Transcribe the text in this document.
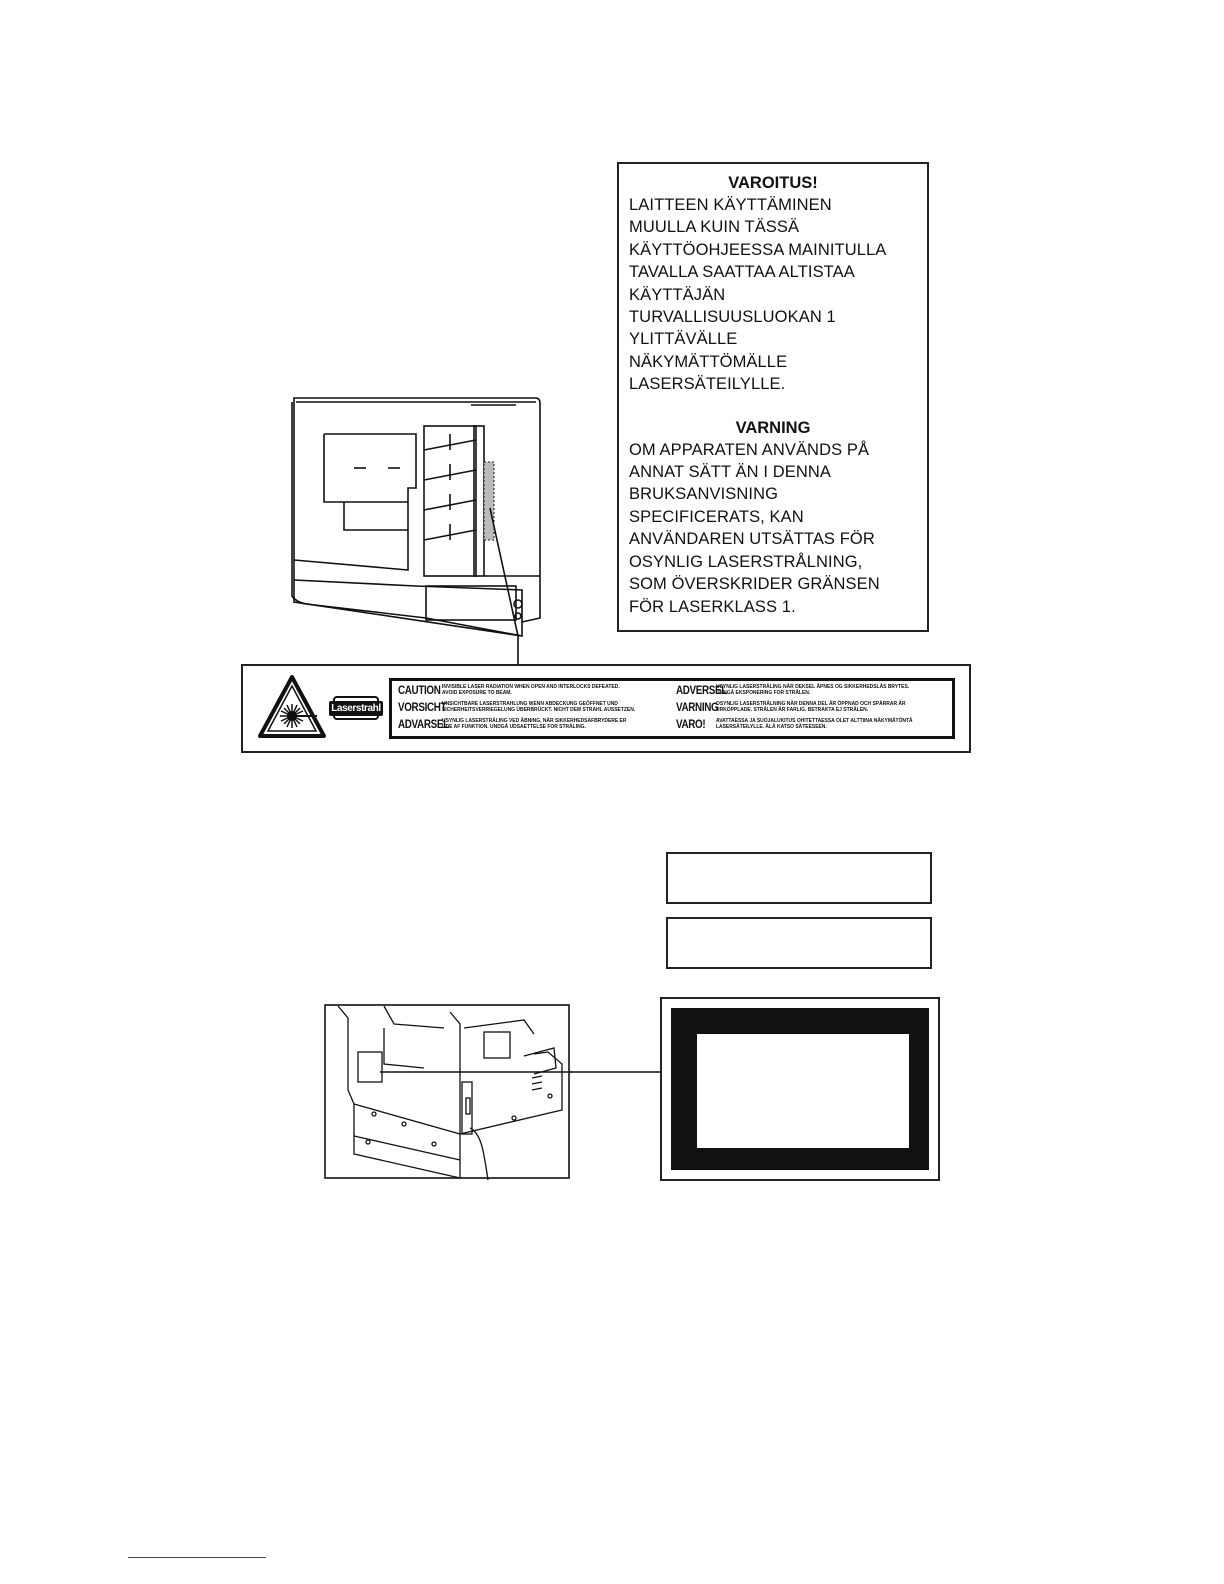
VAROITUS!
LAITTEEN KÄYTTÄMINEN
MUULLA KUIN TÄSSÄ
KÄYTTÖOHJEESSA MAINITULLA
TAVALLA SAATTAA ALTISTAA
KÄYTTÄJÄN
TURVALLISUUSLUOKAN 1
YLITTÄVÄLLE
NÄKYMÄTTÖMÄLLE
LASERSÄTEILYLLE.
VARNING
OM APPARATEN ANVÄNDS PÅ
ANNAT SÄTT ÄN I DENNA
BRUKSANVISNING
SPECIFICERATS, KAN
ANVÄNDAREN UTSÄTTAS FÖR
OSYNLIG LASERSTRÅLNING,
SOM ÖVERSKRIDER GRÄNSEN
FÖR LASERKLASS 1.
Laserstrahl
CAUTION INVISIBLE LASER RADIATION WHEN OPEN AND INTERLOCKS DEFEATED.
AVOID EXPOSURE TO BEAM.
VORSICHT
UNSICHTBARE LASERSTRAHLUNG WENN ABDECKUNG GEÖFFNET UND
SICHERHEITSVERRIEGELUNG ÜBERBRÜCKT. NICHT DEM STRAHL AUSSETZEN.
ADVARSEL
USYNLIG LASERSTRÅLING VED ÅBNING, NÅR SIKKERHEDSAFBRYDERE ER
UDE AF FUNKTION. UNDGÅ UDSAETTELSE FOR STRÅLING.
ADVERSEL
USYNLIG LASERSTRÅLING NÅR DEKSEL ÅPNES OG SIKKERHEDSLÅS BRYTES.
UNNGÅ EKSPONERING FOR STRÅLEN.
VARNING
OSYNLIG LASERSTRÅLNING NÄR DENNA DEL ÄR ÖPPNAD OCH SPÄRRAR ÄR
URKOPPLADE. STRÅLEN ÄR FARLIG. BETRAKTA EJ STRÅLEN.
VARO!	AVATTAESSA JA SUOJALUKITUS OHITETTAESSA OLET ALTTIINA NÄKYMÄTÖNTÄ
LASERSÄTEILYLLE. ÄLÄ KATSO SÄTEESEEN.
